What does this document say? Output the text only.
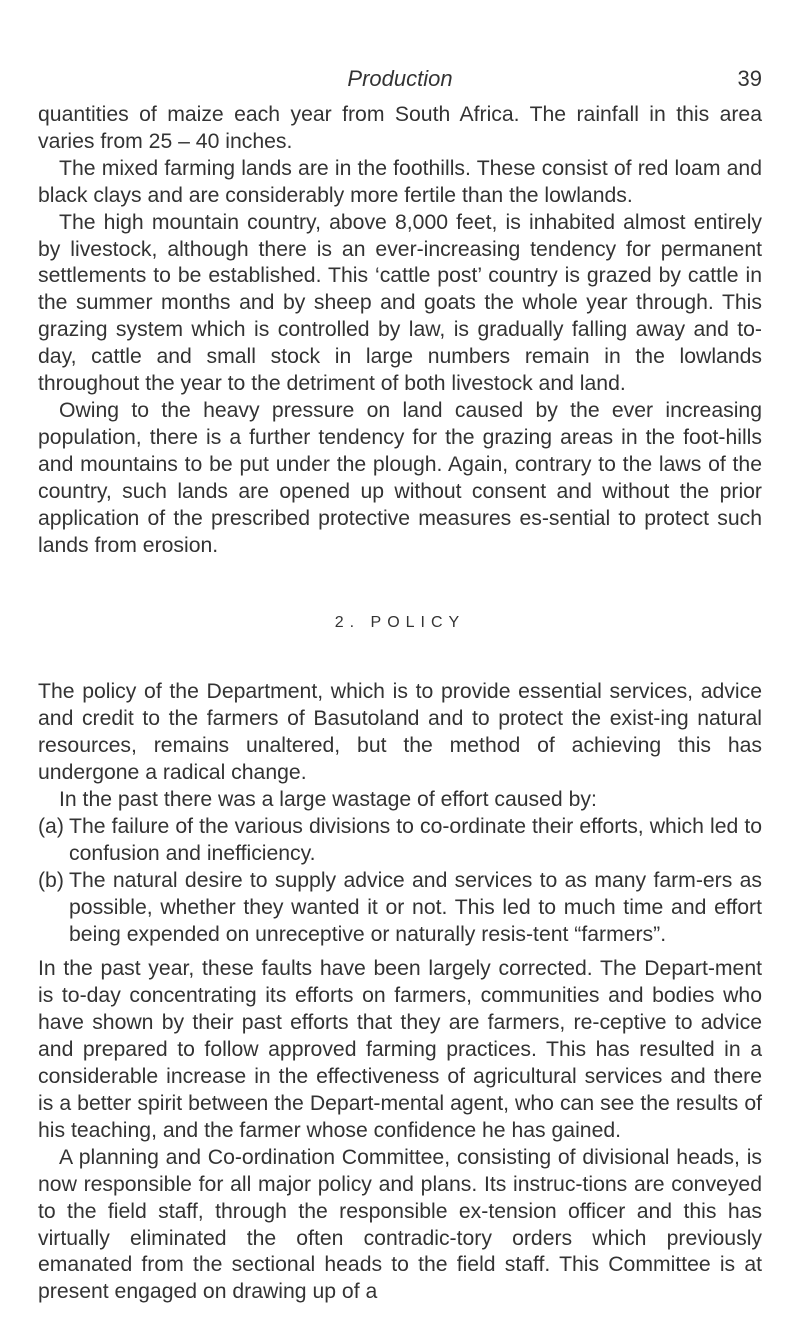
Production	39

quantities of maize each year from South Africa. The rainfall in this area varies from 25 – 40 inches.

The mixed farming lands are in the foothills. These consist of red loam and black clays and are considerably more fertile than the lowlands.

The high mountain country, above 8,000 feet, is inhabited almost entirely by livestock, although there is an ever-increasing tendency for permanent settlements to be established. This ‘cattle post’ country is grazed by cattle in the summer months and by sheep and goats the whole year through. This grazing system which is controlled by law, is gradually falling away and to-day, cattle and small stock in large numbers remain in the lowlands throughout the year to the detriment of both livestock and land.

Owing to the heavy pressure on land caused by the ever increasing population, there is a further tendency for the grazing areas in the foot-hills and mountains to be put under the plough. Again, contrary to the laws of the country, such lands are opened up without consent and without the prior application of the prescribed protective measures es-sential to protect such lands from erosion.

2. POLICY

The policy of the Department, which is to provide essential services, advice and credit to the farmers of Basutoland and to protect the exist-ing natural resources, remains unaltered, but the method of achieving this has undergone a radical change.

In the past there was a large wastage of effort caused by:

(a) The failure of the various divisions to co-ordinate their efforts, which led to confusion and inefficiency.
(b) The natural desire to supply advice and services to as many farm-ers as possible, whether they wanted it or not. This led to much time and effort being expended on unreceptive or naturally resis-tent “farmers”.

In the past year, these faults have been largely corrected. The Depart-ment is to-day concentrating its efforts on farmers, communities and bodies who have shown by their past efforts that they are farmers, re-ceptive to advice and prepared to follow approved farming practices. This has resulted in a considerable increase in the effectiveness of agricultural services and there is a better spirit between the Depart-mental agent, who can see the results of his teaching, and the farmer whose confidence he has gained.

A planning and Co-ordination Committee, consisting of divisional heads, is now responsible for all major policy and plans. Its instruc-tions are conveyed to the field staff, through the responsible ex-tension officer and this has virtually eliminated the often contradic-tory orders which previously emanated from the sectional heads to the field staff. This Committee is at present engaged on drawing up of a
